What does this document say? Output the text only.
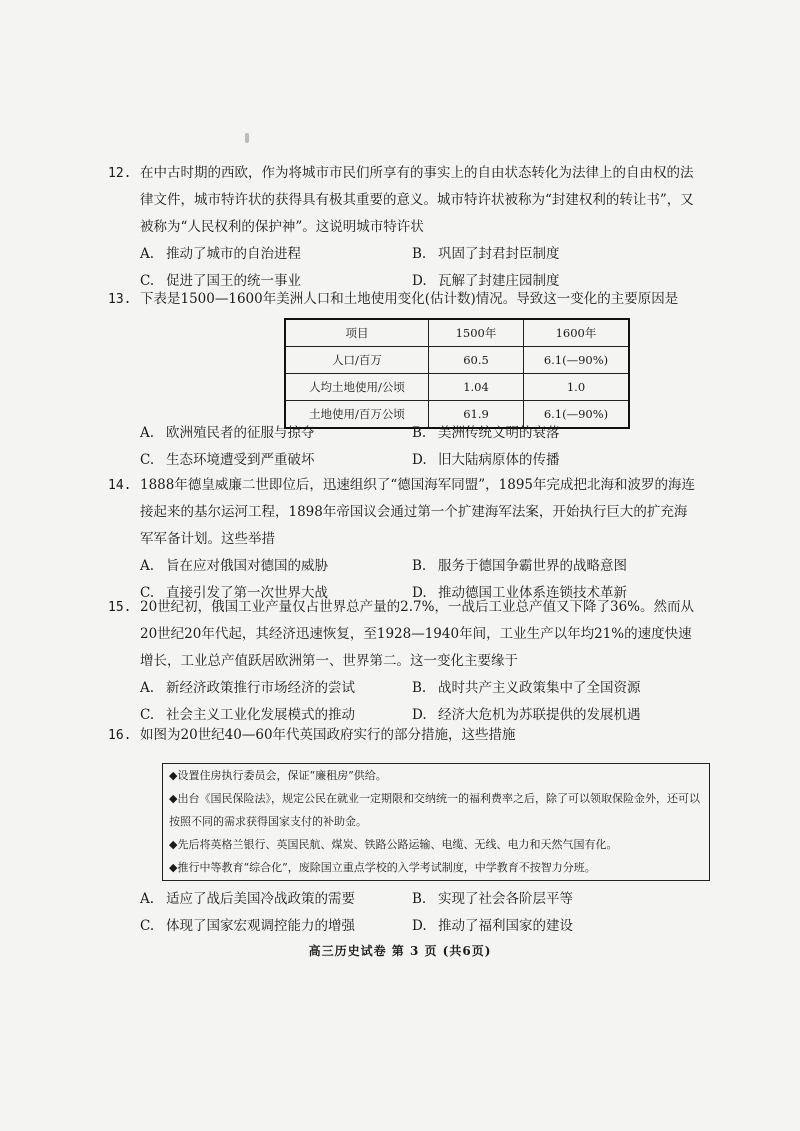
12. 在中古时期的西欧，作为将城市市民们所享有的事实上的自由状态转化为法律上的自由权的法律文件，城市特许状的获得具有极其重要的意义。城市特许状被称为“封建权利的转让书”，又被称为“人民权利的保护神”。这说明城市特许状
A. 推动了城市的自治进程	B. 巩固了封君封臣制度
C. 促进了国王的统一事业	D. 瓦解了封建庄园制度
13. 下表是1500—1600年美洲人口和土地使用变化(估计数)情况。导致这一变化的主要原因是
项目	1500年	1600年
人口/百万	60.5	6.1(—90%)
人均土地使用/公顷	1.04	1.0
土地使用/百万公顷	61.9	6.1(—90%)
A. 欧洲殖民者的征服与掠夺	B. 美洲传统文明的衰落
C. 生态环境遭受到严重破坏	D. 旧大陆病原体的传播
14. 1888年德皇威廉二世即位后，迅速组织了“德国海军同盟”，1895年完成把北海和波罗的海连接起来的基尔运河工程，1898年帝国议会通过第一个扩建海军法案，开始执行巨大的扩充海军军备计划。这些举措
A. 旨在应对俄国对德国的威胁	B. 服务于德国争霸世界的战略意图
C. 直接引发了第一次世界大战	D. 推动德国工业体系连锁技术革新
15. 20世纪初，俄国工业产量仅占世界总产量的2.7%，一战后工业总产值又下降了36%。然而从20世纪20年代起，其经济迅速恢复，至1928—1940年间，工业生产以年均21%的速度快速增长，工业总产值跃居欧洲第一、世界第二。这一变化主要缘于
A. 新经济政策推行市场经济的尝试	B. 战时共产主义政策集中了全国资源
C. 社会主义工业化发展模式的推动	D. 经济大危机为苏联提供的发展机遇
16. 如图为20世纪40—60年代英国政府实行的部分措施，这些措施
◆设置住房执行委员会，保证“廉租房”供给。
◆出台《国民保险法》，规定公民在就业一定期限和交纳统一的福利费率之后，除了可以领取保险金外，还可以按照不同的需求获得国家支付的补助金。
◆先后将英格兰银行、英国民航、煤炭、铁路公路运输、电缆、无线、电力和天然气国有化。
◆推行中等教育“综合化”，废除国立重点学校的入学考试制度，中学教育不按智力分班。
A. 适应了战后美国冷战政策的需要	B. 实现了社会各阶层平等
C. 体现了国家宏观调控能力的增强	D. 推动了福利国家的建设
高三历史试卷 第 3 页 (共6页)
